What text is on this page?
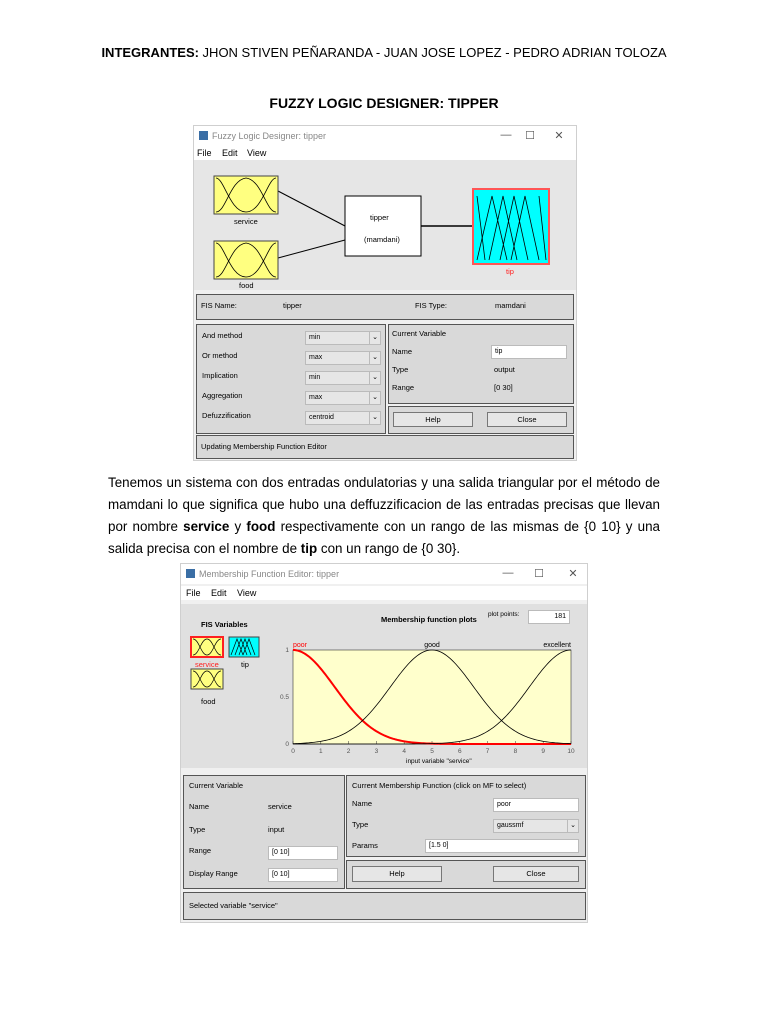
INTEGRANTES: JHON STIVEN PEÑARANDA - JUAN JOSE LOPEZ - PEDRO ADRIAN TOLOZA
FUZZY LOGIC DESIGNER: TIPPER
Fuzzy Logic Designer: tipper	—	☐	✕
File Edit View
service
food
tipper
(mamdani)
tip
FIS Name:	tipper	FIS Type:	mamdani
And method	min	⌄
Or method	max	⌄
Implication	min	⌄
Aggregation	max	⌄
Defuzzification	centroid	⌄
Current Variable
Name	tip
Type	output
Range	[0 30]
Help	Close
Updating Membership Function Editor
Tenemos un sistema con dos entradas ondulatorias y una salida triangular por el método de mamdani lo que significa que hubo una deffuzzificacion de las entradas precisas que llevan por nombre service y food respectivamente con un rango de las mismas de {0 10} y una salida precisa con el nombre de tip con un rango de {0 30}.
Membership Function Editor: tipper	—	☐	✕
File Edit View
FIS Variables
service	tip
food
Membership function plots
plot points:	181
0	1	2	3	4	5	6	7	8	9	10
0
0.5
1
poor	good	excellent
input variable "service"
Current Variable
Name	service
Type	input
Range	[0 10]
Display Range	[0 10]
Current Membership Function (click on MF to select)
Name	poor
Type	gaussmf	⌄
Params	[1.5 0]
Help	Close
Selected variable "service"
